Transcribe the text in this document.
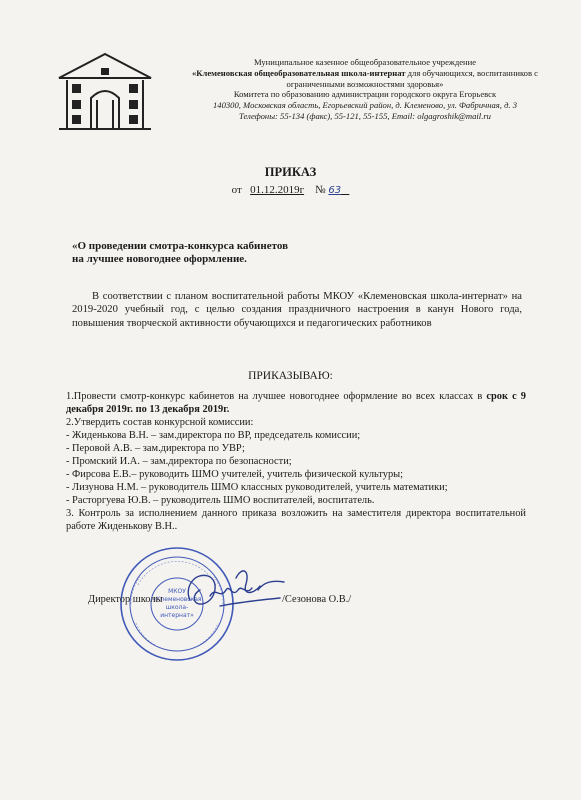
Муниципальное казенное общеобразовательное учреждение
«Клеменовская общеобразовательная школа-интернат для обучающихся, воспитанников с
ограниченными возможностями здоровья»
Комитета по образованию администрации городского округа Егорьевск
140300, Московская область, Егорьевский район, д. Клеменово, ул. Фабричная, д. 3
Телефоны: 55-134 (факс), 55-121, 55-155, Email: olgagroshik@mail.ru
ПРИКАЗ
от 01.12.2019г № 63
«О проведении смотра-конкурса кабинетов
на лучшее новогоднее оформление.
В соответствии с планом воспитательной работы МКОУ «Клеменовская школа-интернат» на 2019-2020 учебный год, с целью создания праздничного настроения в канун Нового года, повышения творческой активности обучающихся и педагогических работников
ПРИКАЗЫВАЮ:
1.Провести смотр-конкурс кабинетов на лучшее новогоднее оформление во всех классах в срок с 9 декабря 2019г. по 13 декабря 2019г.
2.Утвердить состав конкурсной комиссии:
- Жиденькова В.Н. – зам.директора по ВР, председатель комиссии;
- Перовой А.В. – зам.директора по УВР;
- Промский И.А. – зам.директора по безопасности;
- Фирсова Е.В.– руководить ШМО учителей, учитель физической культуры;
- Лизунова Н.М. – руководитель ШМО классных руководителей, учитель математики;
- Расторгуева Ю.В. – руководитель ШМО воспитателей, воспитатель.
3. Контроль за исполнением данного приказа возложить на заместителя директора воспитательной работе Жиденькову В.Н..
МКОУ
«Клеменовская
школа-
интернат»
Директор школы	/Сезонова О.В./
